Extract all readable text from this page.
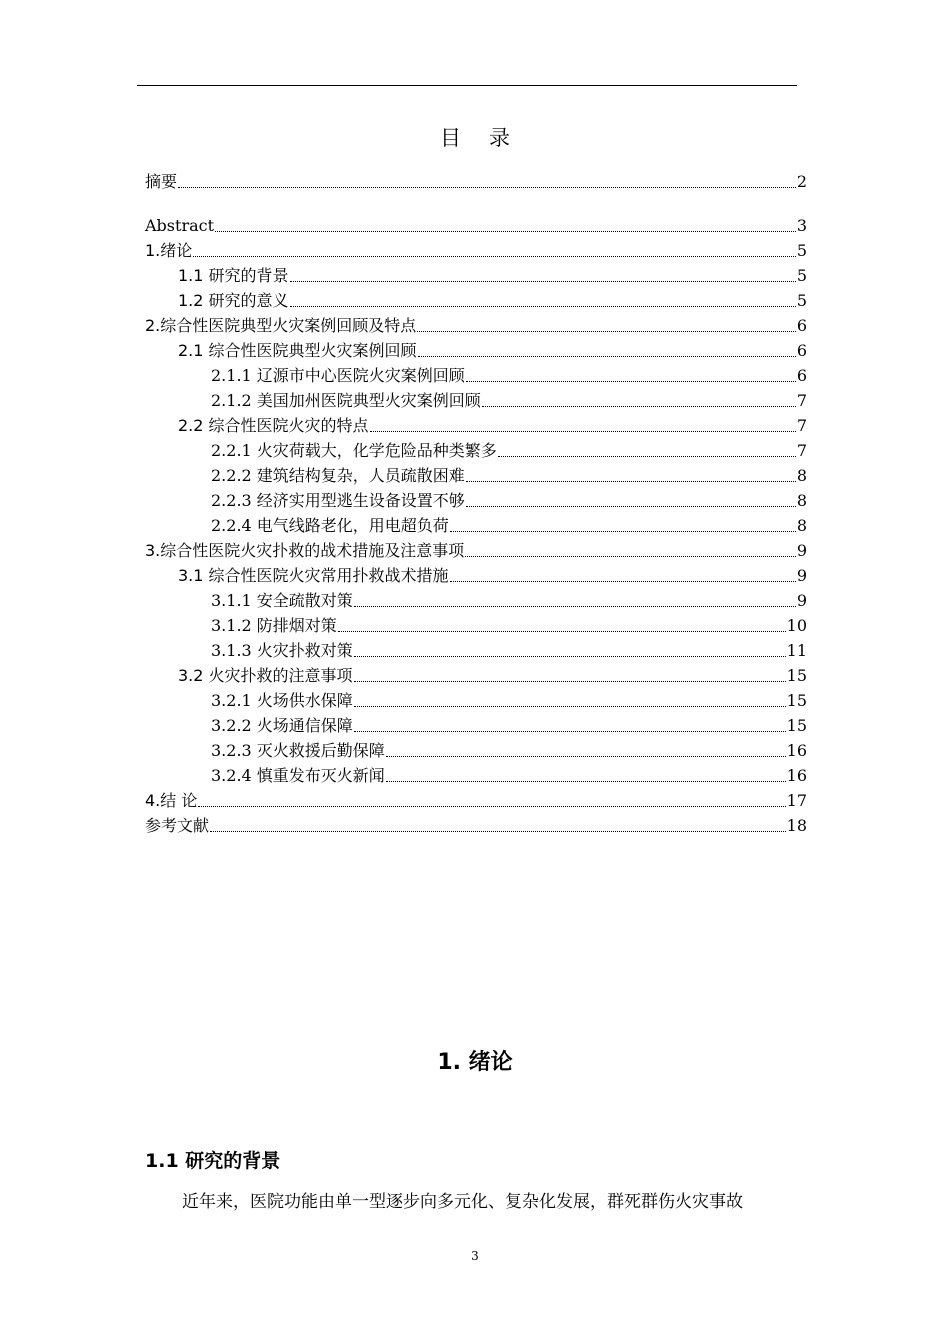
目录
摘要	2
Abstract	3
1.绪论	5
1.1 研究的背景	5
1.2 研究的意义	5
2.综合性医院典型火灾案例回顾及特点	6
2.1 综合性医院典型火灾案例回顾	6
2.1.1 辽源市中心医院火灾案例回顾	6
2.1.2 美国加州医院典型火灾案例回顾	7
2.2 综合性医院火灾的特点	7
2.2.1 火灾荷载大，化学危险品种类繁多	7
2.2.2 建筑结构复杂，人员疏散困难	8
2.2.3 经济实用型逃生设备设置不够	8
2.2.4 电气线路老化，用电超负荷	8
3.综合性医院火灾扑救的战术措施及注意事项	9
3.1 综合性医院火灾常用扑救战术措施	9
3.1.1 安全疏散对策	9
3.1.2 防排烟对策	10
3.1.3 火灾扑救对策	11
3.2 火灾扑救的注意事项	15
3.2.1 火场供水保障	15
3.2.2 火场通信保障	15
3.2.3 灭火救援后勤保障	16
3.2.4 慎重发布灭火新闻	16
4.结 论	17
参考文献	18
1. 绪论
1.1 研究的背景
近年来，医院功能由单一型逐步向多元化、复杂化发展，群死群伤火灾事故
3
